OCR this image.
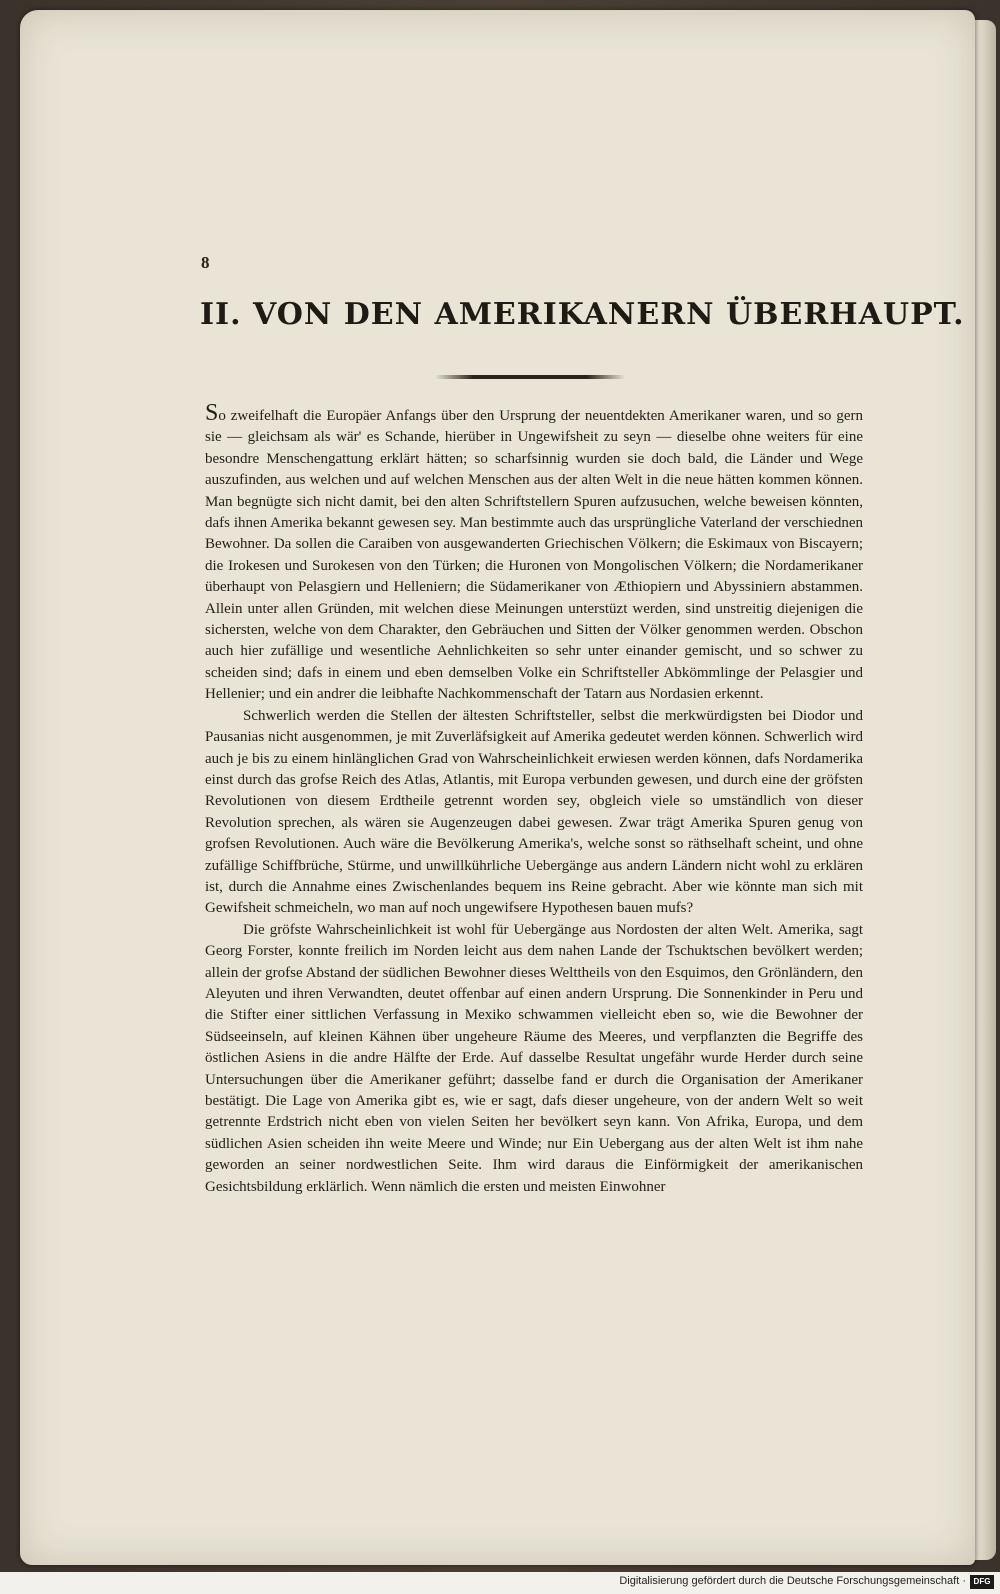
8
II. VON DEN AMERIKANERN ÜBERHAUPT.

So zweifelhaft die Europäer Anfangs über den Ursprung der neuentdekten Amerikaner waren, und so gern sie — gleichsam als wär' es Schande, hierüber in Ungewifsheit zu seyn — dieselbe ohne weiters für eine besondre Menschengattung erklärt hätten; so scharfsinnig wurden sie doch bald, die Länder und Wege auszufinden, aus welchen und auf welchen Menschen aus der alten Welt in die neue hätten kommen können. Man begnügte sich nicht damit, bei den alten Schriftstellern Spuren aufzusuchen, welche beweisen könnten, dafs ihnen Amerika bekannt gewesen sey. Man bestimmte auch das ursprüngliche Vaterland der verschiednen Bewohner. Da sollen die Caraiben von ausgewanderten Griechischen Völkern; die Eskimaux von Biscayern; die Irokesen und Surokesen von den Türken; die Huronen von Mongolischen Völkern; die Nordamerikaner überhaupt von Pelasgiern und Helleniern; die Südamerikaner von Æthiopiern und Abyssiniern abstammen. Allein unter allen Gründen, mit welchen diese Meinungen unterstüzt werden, sind unstreitig diejenigen die sichersten, welche von dem Charakter, den Gebräuchen und Sitten der Völker genommen werden. Obschon auch hier zufällige und wesentliche Aehnlichkeiten so sehr unter einander gemischt, und so schwer zu scheiden sind; dafs in einem und eben demselben Volke ein Schriftsteller Abkömmlinge der Pelasgier und Hellenier; und ein andrer die leibhafte Nachkommenschaft der Tatarn aus Nordasien erkennt.

Schwerlich werden die Stellen der ältesten Schriftsteller, selbst die merkwürdigsten bei Diodor und Pausanias nicht ausgenommen, je mit Zuverläfsigkeit auf Amerika gedeutet werden können. Schwerlich wird auch je bis zu einem hinlänglichen Grad von Wahrscheinlichkeit erwiesen werden können, dafs Nordamerika einst durch das grofse Reich des Atlas, Atlantis, mit Europa verbunden gewesen, und durch eine der gröfsten Revolutionen von diesem Erdtheile getrennt worden sey, obgleich viele so umständlich von dieser Revolution sprechen, als wären sie Augenzeugen dabei gewesen. Zwar trägt Amerika Spuren genug von grofsen Revolutionen. Auch wäre die Bevölkerung Amerika's, welche sonst so räthselhaft scheint, und ohne zufällige Schiffbrüche, Stürme, und unwillkührliche Uebergänge aus andern Ländern nicht wohl zu erklären ist, durch die Annahme eines Zwischenlandes bequem ins Reine gebracht. Aber wie könnte man sich mit Gewifsheit schmeicheln, wo man auf noch ungewifsere Hypothesen bauen mufs?

Die gröfste Wahrscheinlichkeit ist wohl für Uebergänge aus Nordosten der alten Welt. Amerika, sagt Georg Forster, konnte freilich im Norden leicht aus dem nahen Lande der Tschuktschen bevölkert werden; allein der grofse Abstand der südlichen Bewohner dieses Welttheils von den Esquimos, den Grönländern, den Aleyuten und ihren Verwandten, deutet offenbar auf einen andern Ursprung. Die Sonnenkinder in Peru und die Stifter einer sittlichen Verfassung in Mexiko schwammen vielleicht eben so, wie die Bewohner der Südseeinseln, auf kleinen Kähnen über ungeheure Räume des Meeres, und verpflanzten die Begriffe des östlichen Asiens in die andre Hälfte der Erde. Auf dasselbe Resultat ungefähr wurde Herder durch seine Untersuchungen über die Amerikaner geführt; dasselbe fand er durch die Organisation der Amerikaner bestätigt. Die Lage von Amerika gibt es, wie er sagt, dafs dieser ungeheure, von der andern Welt so weit getrennte Erdstrich nicht eben von vielen Seiten her bevölkert seyn kann. Von Afrika, Europa, und dem südlichen Asien scheiden ihn weite Meere und Winde; nur Ein Uebergang aus der alten Welt ist ihm nahe geworden an seiner nordwestlichen Seite. Ihm wird daraus die Einförmigkeit der amerikanischen Gesichtsbildung erklärlich. Wenn nämlich die ersten und meisten Einwohner

Digitalisierung gefördert durch die Deutsche Forschungsgemeinschaft · DFG
